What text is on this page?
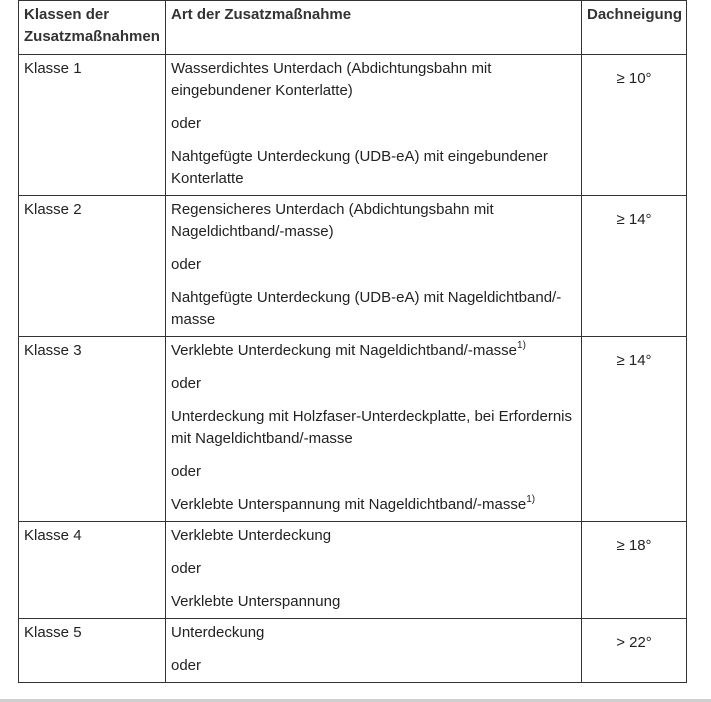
Klassen der Zusatzmaßnahmen	Art der Zusatzmaßnahme	Dachneigung
Klasse 1	Wasserdichtes Unterdach (Abdichtungsbahn mit eingebundener Konterlatte)
oder
Nahtgefügte Unterdeckung (UDB-eA) mit eingebundener Konterlatte	≥ 10°
Klasse 2	Regensicheres Unterdach (Abdichtungsbahn mit Nageldichtband/-masse)
oder
Nahtgefügte Unterdeckung (UDB-eA) mit Nageldichtband/-masse	≥ 14°
Klasse 3	Verklebte Unterdeckung mit Nageldichtband/-masse$^{1)}$
oder
Unterdeckung mit Holzfaser-Unterdeckplatte, bei Erfordernis mit Nageldichtband/-masse
oder
Verklebte Unterspannung mit Nageldichtband/-masse$^{1)}$	≥ 14°
Klasse 4	Verklebte Unterdeckung
oder
Verklebte Unterspannung	≥ 18°
Klasse 5	Unterdeckung
oder	> 22°
